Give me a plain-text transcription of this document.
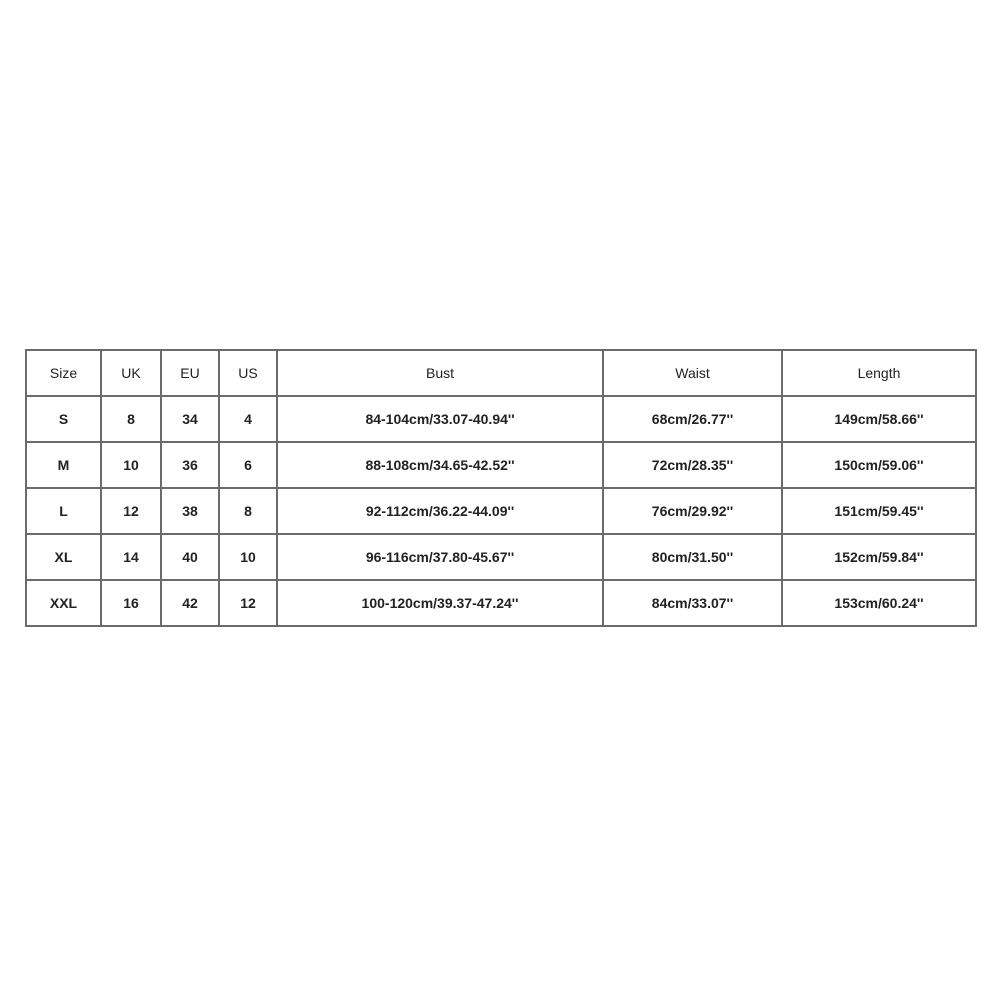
Size	UK	EU	US	Bust	Waist	Length
S	8	34	4	84-104cm/33.07-40.94''	68cm/26.77''	149cm/58.66''
M	10	36	6	88-108cm/34.65-42.52''	72cm/28.35''	150cm/59.06''
L	12	38	8	92-112cm/36.22-44.09''	76cm/29.92''	151cm/59.45''
XL	14	40	10	96-116cm/37.80-45.67''	80cm/31.50''	152cm/59.84''
XXL	16	42	12	100-120cm/39.37-47.24''	84cm/33.07''	153cm/60.24''
